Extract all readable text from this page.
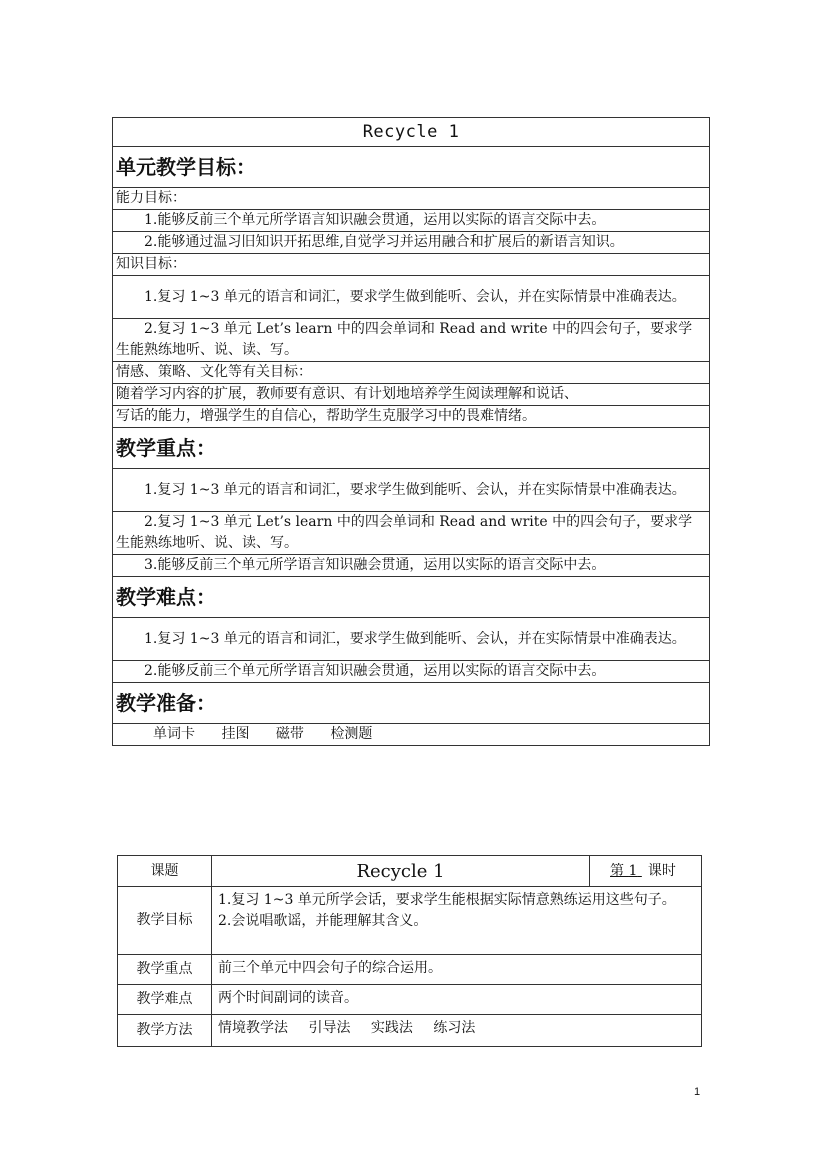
Recycle 1
单元教学目标：
能力目标：
1.能够反前三个单元所学语言知识融会贯通，运用以实际的语言交际中去。
2.能够通过温习旧知识开拓思维,自觉学习并运用融合和扩展后的新语言知识。
知识目标：
1.复习 1~3 单元的语言和词汇，要求学生做到能听、会认，并在实际情景中准确表达。
2.复习 1~3 单元 Let’s learn 中的四会单词和 Read and write 中的四会句子，要求学生能熟练地听、说、读、写。
情感、策略、文化等有关目标：
随着学习内容的扩展，教师要有意识、有计划地培养学生阅读理解和说话、
写话的能力，增强学生的自信心，帮助学生克服学习中的畏难情绪。
教学重点：
1.复习 1~3 单元的语言和词汇，要求学生做到能听、会认，并在实际情景中准确表达。
2.复习 1~3 单元 Let’s learn 中的四会单词和 Read and write 中的四会句子，要求学生能熟练地听、说、读、写。
3.能够反前三个单元所学语言知识融会贯通，运用以实际的语言交际中去。
教学难点：
1.复习 1~3 单元的语言和词汇，要求学生做到能听、会认，并在实际情景中准确表达。
2.能够反前三个单元所学语言知识融会贯通，运用以实际的语言交际中去。
教学准备：
单词卡 挂图 磁带 检测题
课题	Recycle 1	第 1 课时
教学目标	1.复习 1~3 单元所学会话，要求学生能根据实际情意熟练运用这些句子。
2.会说唱歌谣，并能理解其含义。	

教学重点	前三个单元中四会句子的综合运用。	
教学难点	两个时间副词的读音。	
教学方法	情境教学法 引导法 实践法 练习法	
1
